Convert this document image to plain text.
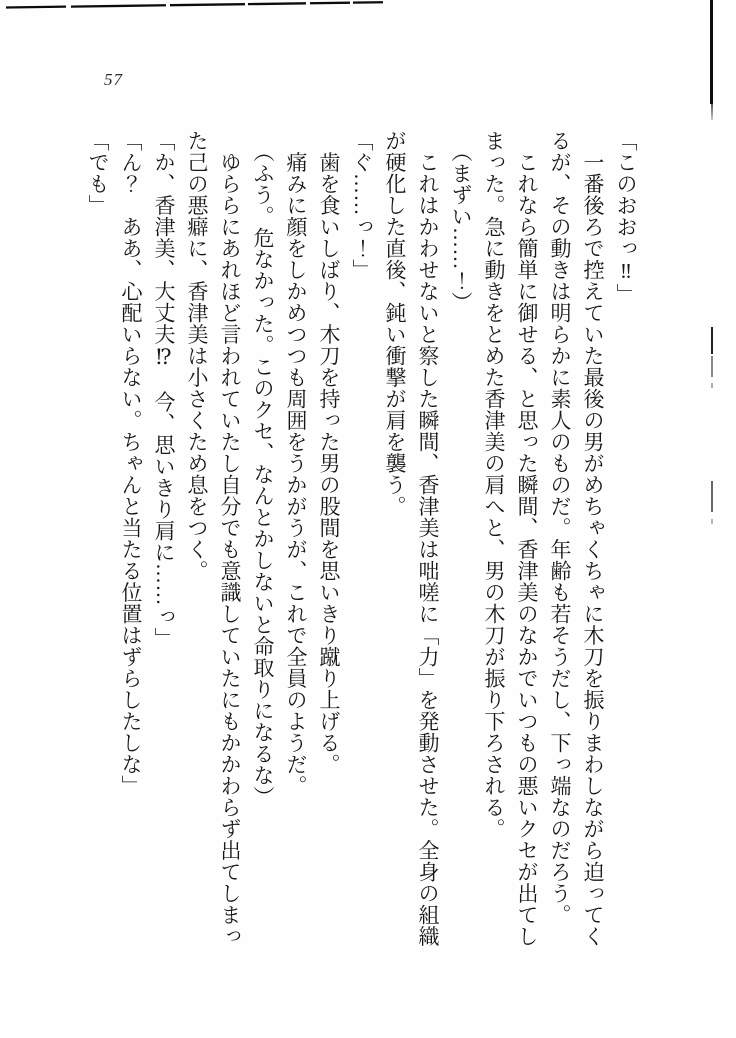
57

「このおおっ‼」

　一番後ろで控えていた最後の男がめちゃくちゃに木刀を振りまわしながら迫ってく

るが、その動きは明らかに素人のものだ。年齢も若そうだし、下っ端なのだろう。

　これなら簡単に御せる、と思った瞬間、香津美のなかでいつもの悪いクセが出てし

まった。急に動きをとめた香津美の肩へと、男の木刀が振り下ろされる。

　（まずい……！）

　これはかわせないと察した瞬間、香津美は咄嗟に「力」を発動させた。全身の組織

が硬化した直後、鈍い衝撃が肩を襲う。

「ぐ……っ！」

　歯を食いしばり、木刀を持った男の股間を思いきり蹴り上げる。

　痛みに顔をしかめつつも周囲をうかがうが、これで全員のようだ。

　（ふう。危なかった。このクセ、なんとかしないと命取りになるな）

　ゆららにあれほど言われていたし自分でも意識していたにもかかわらず出てしまっ

た己の悪癖に、香津美は小さくため息をつく。

「か、香津美、大丈夫⁉　今、思いきり肩に……っ」

「ん？　ああ、心配いらない。ちゃんと当たる位置はずらしたしな」

「でも」
